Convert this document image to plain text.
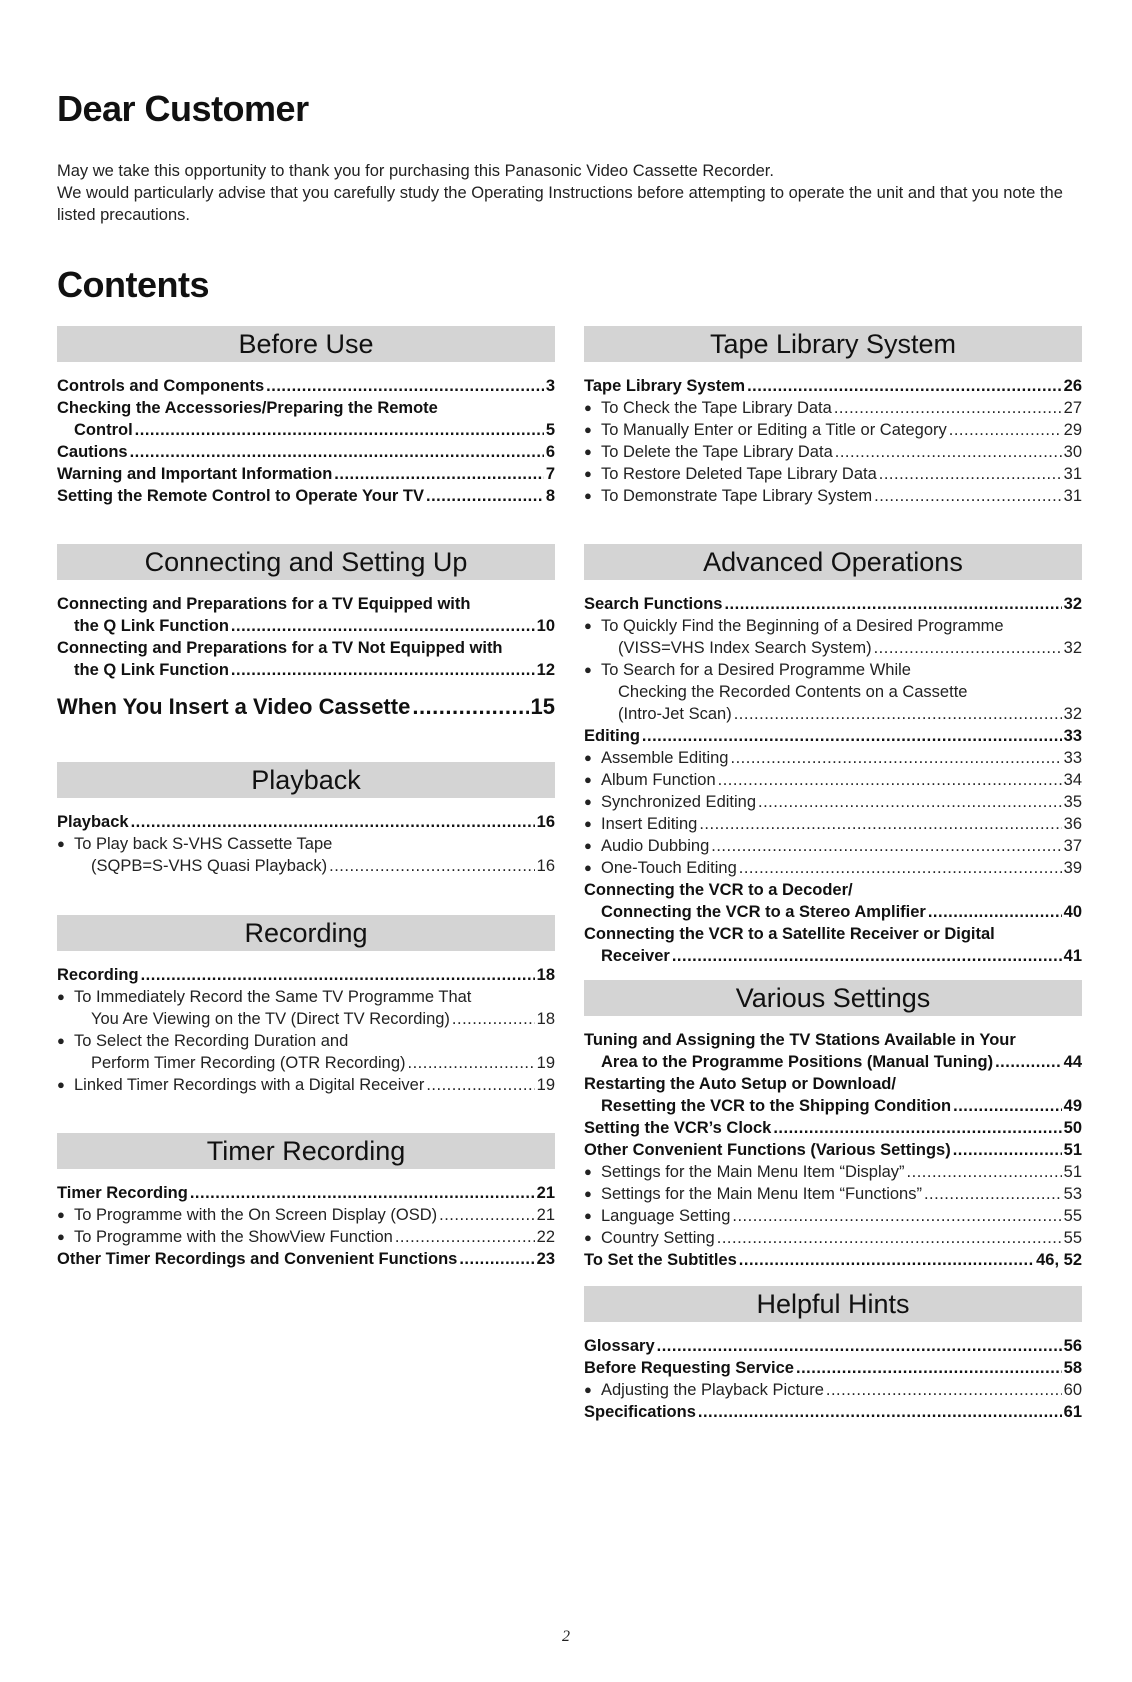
Dear Customer

May we take this opportunity to thank you for purchasing this Panasonic Video Cassette Recorder.

We would particularly advise that you carefully study the Operating Instructions before attempting to operate the unit and that you note the listed precautions.

Contents
Before Use
Controls and Components .....	3
Checking the Accessories/Preparing the Remote
Control .....	5
Cautions .....	6
Warning and Important Information .....	7
Setting the Remote Control to Operate Your TV .....	8
Connecting and Setting Up
Connecting and Preparations for a TV Equipped with
the Q Link Function .....	10
Connecting and Preparations for a TV Not Equipped with
the Q Link Function .....	12
When You Insert a Video Cassette .....	15
Playback
Playback .....	16
● To Play back S-VHS Cassette Tape
(SQPB=S-VHS Quasi Playback) .....	16
Recording
Recording .....	18
● To Immediately Record the Same TV Programme That
You Are Viewing on the TV (Direct TV Recording) .....	18
● To Select the Recording Duration and
Perform Timer Recording (OTR Recording) .....	19
● Linked Timer Recordings with a Digital Receiver .....	19
Timer Recording
Timer Recording .....	21
● To Programme with the On Screen Display (OSD) .....	21
● To Programme with the ShowView Function .....	22
Other Timer Recordings and Convenient Functions .....	23
Tape Library System
Tape Library System .....	26
● To Check the Tape Library Data .....	27
● To Manually Enter or Editing a Title or Category .....	29
● To Delete the Tape Library Data .....	30
● To Restore Deleted Tape Library Data .....	31
● To Demonstrate Tape Library System .....	31
Advanced Operations
Search Functions .....	32
● To Quickly Find the Beginning of a Desired Programme
(VISS=VHS Index Search System) .....	32
● To Search for a Desired Programme While
Checking the Recorded Contents on a Cassette
(Intro-Jet Scan) .....	32
Editing .....	33
● Assemble Editing .....	33
● Album Function .....	34
● Synchronized Editing .....	35
● Insert Editing .....	36
● Audio Dubbing .....	37
● One-Touch Editing .....	39
Connecting the VCR to a Decoder/
Connecting the VCR to a Stereo Amplifier .....	40
Connecting the VCR to a Satellite Receiver or Digital
Receiver .....	41
Various Settings
Tuning and Assigning the TV Stations Available in Your
Area to the Programme Positions (Manual Tuning) .....	44
Restarting the Auto Setup or Download/
Resetting the VCR to the Shipping Condition .....	49
Setting the VCR’s Clock .....	50
Other Convenient Functions (Various Settings) .....	51
● Settings for the Main Menu Item “Display” .....	51
● Settings for the Main Menu Item “Functions” .....	53
● Language Setting .....	55
● Country Setting .....	55
To Set the Subtitles .....	46, 52
Helpful Hints
Glossary .....	56
Before Requesting Service .....	58
● Adjusting the Playback Picture .....	60
Specifications .....	61
2
